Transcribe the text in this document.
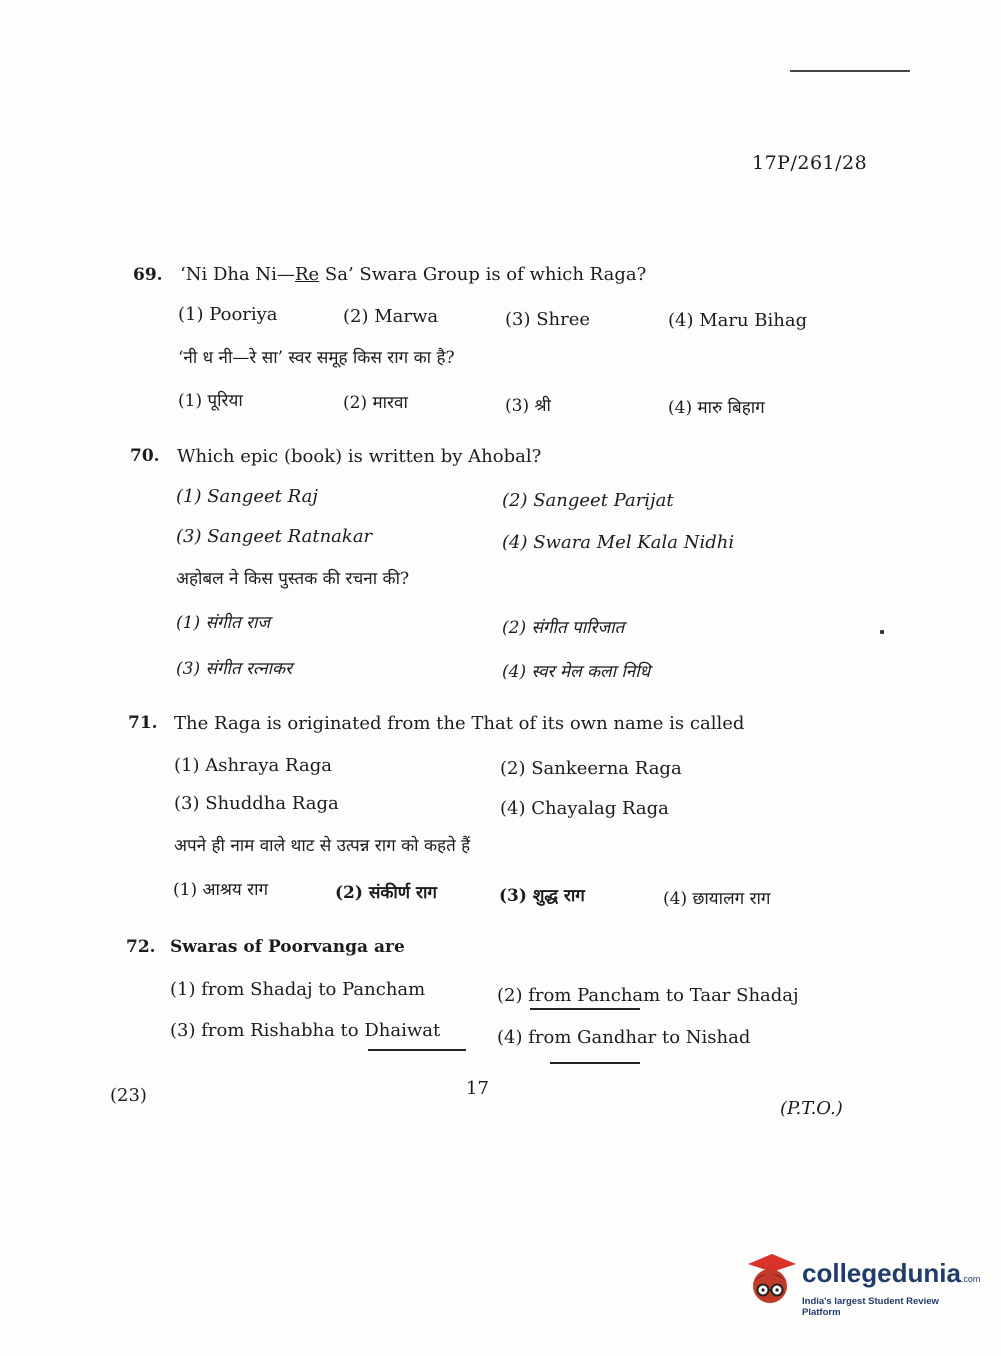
17P/261/28
69. ‘Ni Dha Ni—Re Sa’ Swara Group is of which Raga?
(1) Pooriya	(2) Marwa	(3) Shree	(4) Maru Bihag
‘नी ध नी—रे सा’ स्वर समूह किस राग का है?
(1) पूरिया	(2) मारवा	(3) श्री	(4) मारु बिहाग
70. Which epic (book) is written by Ahobal?
(1) Sangeet Raj	(2) Sangeet Parijat
(3) Sangeet Ratnakar	(4) Swara Mel Kala Nidhi
अहोबल ने किस पुस्तक की रचना की?
(1) संगीत राज	(2) संगीत पारिजात
(3) संगीत रत्नाकर	(4) स्वर मेल कला निधि
71. The Raga is originated from the That of its own name is called
(1) Ashraya Raga	(2) Sankeerna Raga
(3) Shuddha Raga	(4) Chayalag Raga
अपने ही नाम वाले थाट से उत्पन्न राग को कहते हैं
(1) आश्रय राग	(2) संकीर्ण राग	(3) शुद्ध राग	(4) छायालग राग
72. Swaras of Poorvanga are
(1) from Shadaj to Pancham	(2) from Pancham to Taar Shadaj
(3) from Rishabha to Dhaiwat	(4) from Gandhar to Nishad
(23)	17
(P.T.O.)
collegedunia.com
India's largest Student Review Platform
